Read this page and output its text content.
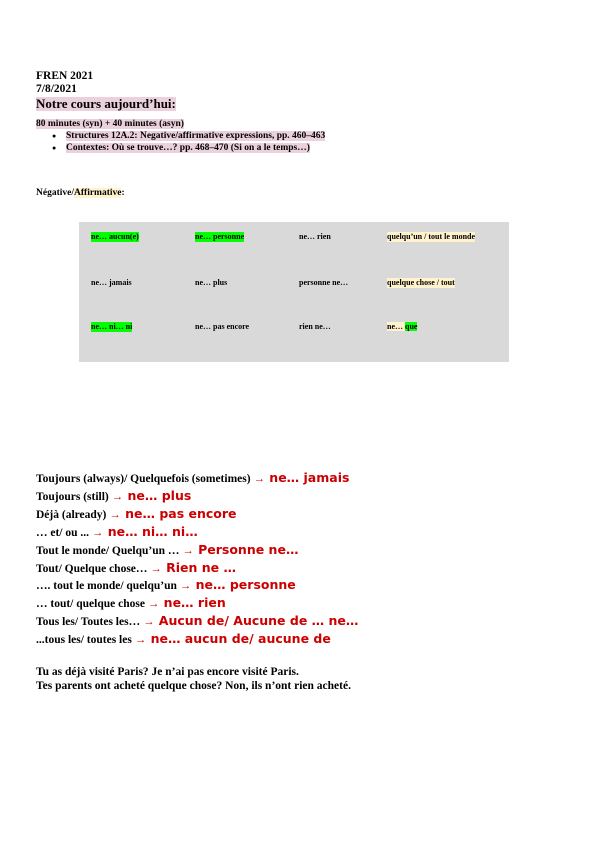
FREN 2021
7/8/2021
Notre cours aujourd’hui:
80 minutes (syn) + 40 minutes (asyn)
● Structures 12A.2: Negative/affirmative expressions, pp. 460–463
● Contextes: Où se trouve…? pp. 468–470 (Si on a le temps…)
Négative/Affirmative:
ne… aucun(e)	ne… personne	ne… rien	quelqu’un / tout le monde
ne… jamais	ne… plus	personne ne…	quelque chose / tout
ne… ni… ni	ne… pas encore	rien ne…	ne… que
Toujours (always)/ Quelquefois (sometimes) → ne… jamais
Toujours (still) → ne… plus
Déjà (already) → ne… pas encore
… et/ ou ... → ne… ni… ni…
Tout le monde/ Quelqu’un … → Personne ne…
Tout/ Quelque chose… → Rien ne …
…. tout le monde/ quelqu’un → ne… personne
… tout/ quelque chose → ne… rien
Tous les/ Toutes les… → Aucun de/ Aucune de … ne…
...tous les/ toutes les → ne… aucun de/ aucune de
Tu as déjà visité Paris? Je n’ai pas encore visité Paris.
Tes parents ont acheté quelque chose? Non, ils n’ont rien acheté.
